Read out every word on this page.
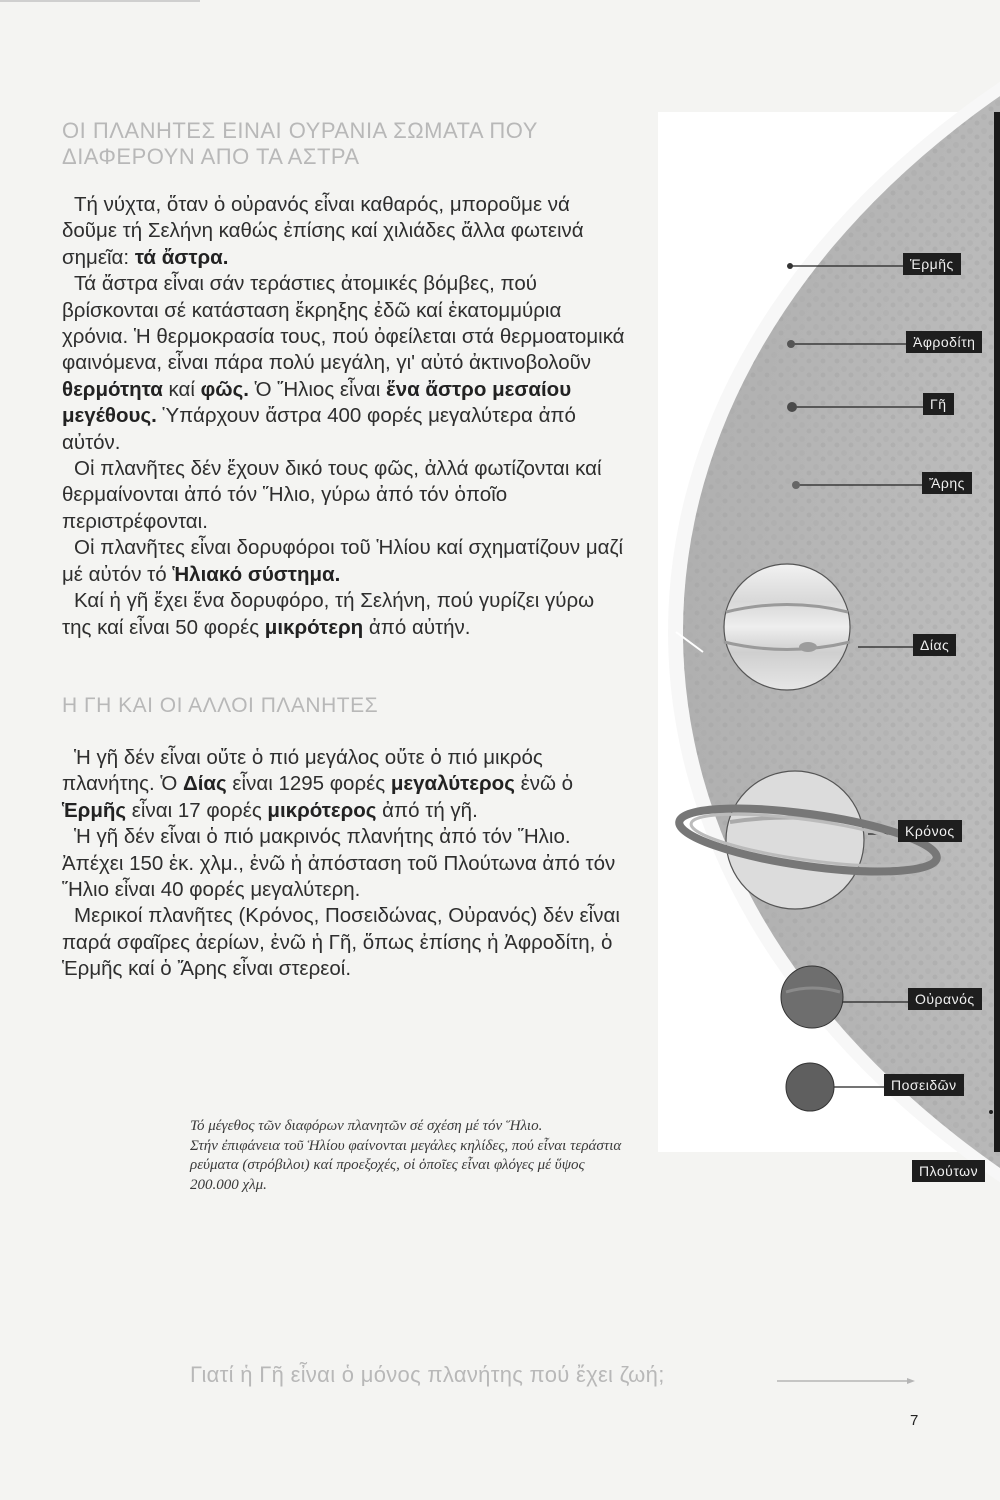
ΟΙ ΠΛΑΝΗΤΕΣ ΕΙΝΑΙ ΟΥΡΑΝΙΑ ΣΩΜΑΤΑ ΠΟΥ ΔΙΑΦΕΡΟΥΝ ΑΠΟ ΤΑ ΑΣΤΡΑ

Τή νύχτα, ὅταν ὁ οὐρανός εἶναι καθαρός, μποροῦμε νά δοῦμε τή Σελήνη καθώς ἐπίσης καί χιλιάδες ἄλλα φωτεινά σημεῖα: τά ἄστρα.

Τά ἄστρα εἶναι σάν τεράστιες ἀτομικές βόμβες, πού βρίσκονται σέ κατάσταση ἔκρηξης ἐδῶ καί ἑκατομμύρια χρόνια. Ἡ θερμοκρασία τους, πού ὀφείλεται στά θερμοατομικά φαινόμενα, εἶναι πάρα πολύ μεγάλη, γι' αὐτό ἀκτινοβολοῦν θερμότητα καί φῶς. Ὁ Ἥλιος εἶναι ἕνα ἄστρο μεσαίου μεγέθους. Ὑπάρχουν ἄστρα 400 φορές μεγαλύτερα ἀπό αὐτόν.

Οἱ πλανῆτες δέν ἔχουν δικό τους φῶς, ἀλλά φωτίζονται καί θερμαίνονται ἀπό τόν Ἥλιο, γύρω ἀπό τόν ὁποῖο περιστρέφονται.

Οἱ πλανῆτες εἶναι δορυφόροι τοῦ Ἡλίου καί σχηματίζουν μαζί μέ αὐτόν τό Ἡλιακό σύστημα.

Καί ἡ γῆ ἔχει ἕνα δορυφόρο, τή Σελήνη, πού γυρίζει γύρω της καί εἶναι 50 φορές μικρότερη ἀπό αὐτήν.

Η ΓΗ ΚΑΙ ΟΙ ΑΛΛΟΙ ΠΛΑΝΗΤΕΣ

Ἡ γῆ δέν εἶναι οὔτε ὁ πιό μεγάλος οὔτε ὁ πιό μικρός πλανήτης. Ὁ Δίας εἶναι 1295 φορές μεγαλύτερος ἐνῶ ὁ Ἑρμῆς εἶναι 17 φορές μικρότερος ἀπό τή γῆ.

Ἡ γῆ δέν εἶναι ὁ πιό μακρινός πλανήτης ἀπό τόν Ἥλιο. Ἀπέχει 150 ἑκ. χλμ., ἐνῶ ἡ ἀπόσταση τοῦ Πλούτωνα ἀπό τόν Ἥλιο εἶναι 40 φορές μεγαλύτερη.

Μερικοί πλανῆτες (Κρόνος, Ποσειδώνας, Οὐρανός) δέν εἶναι παρά σφαῖρες ἀερίων, ἐνῶ ἡ Γῆ, ὅπως ἐπίσης ἡ Ἀφροδίτη, ὁ Ἑρμῆς καί ὁ Ἄρης εἶναι στερεοί.

Τό μέγεθος τῶν διαφόρων πλανητῶν σέ σχέση μέ τόν Ἥλιο.

Στήν ἐπιφάνεια τοῦ Ἡλίου φαίνονται μεγάλες κηλίδες, πού εἶναι τεράστια ρεύματα (στρόβιλοι) καί προεξοχές, οἱ ὁποῖες εἶναι φλόγες μέ ὕψος 200.000 χλμ.

Ἑρμῆς
Ἀφροδίτη
Γῆ
Ἄρης
Δίας
Κρόνος
Οὐρανός
Ποσειδῶν
Πλούτων

Γιατί ἡ Γῆ εἶναι ὁ μόνος πλανήτης πού ἔχει ζωή;

7
